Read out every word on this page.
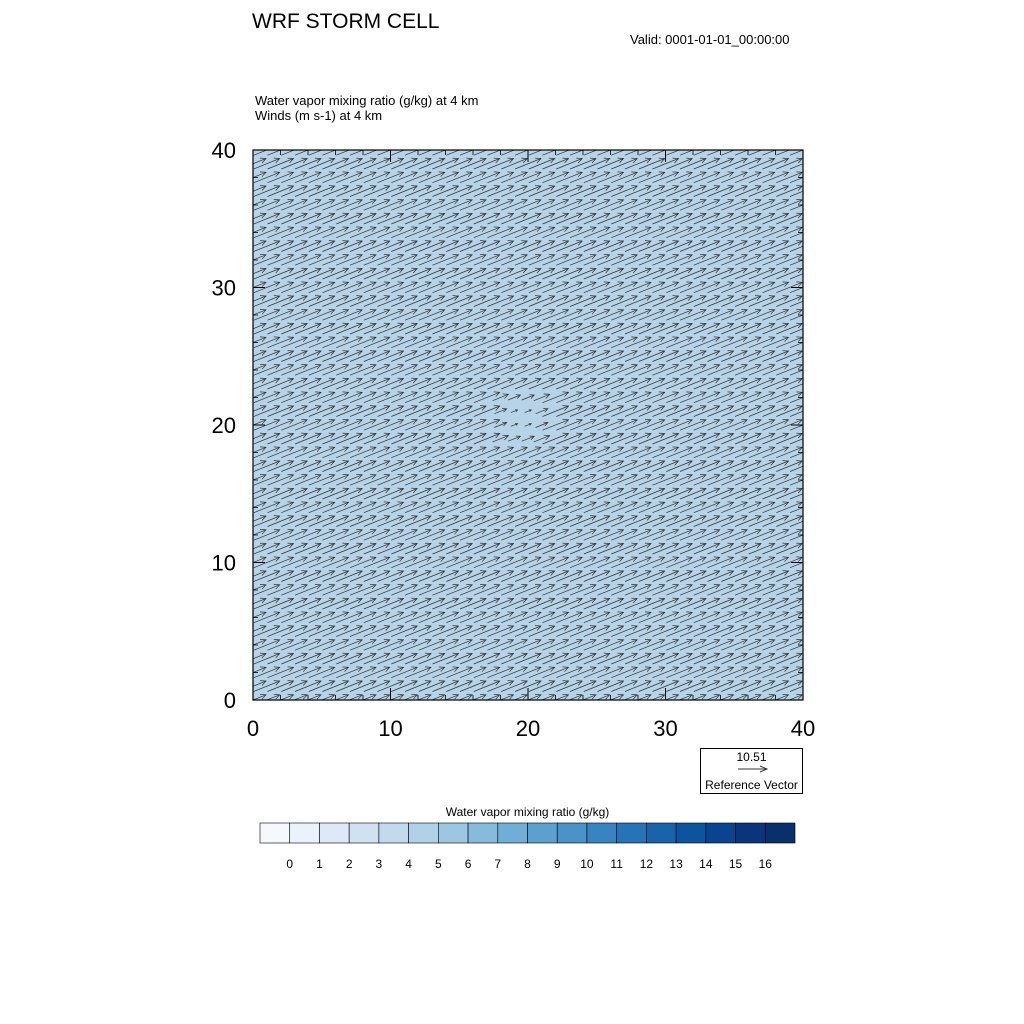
WRF STORM CELL
Valid: 0001-01-01_00:00:00
Water vapor mixing ratio (g/kg) at 4 km
Winds (m s-1) at 4 km
0	10	20	30	40
0
10
20
30
40
0 1 2 3 4 5 6 7 8 9 10 11 12 13 14 15 16
10.51
Reference Vector
Water vapor mixing ratio (g/kg)
